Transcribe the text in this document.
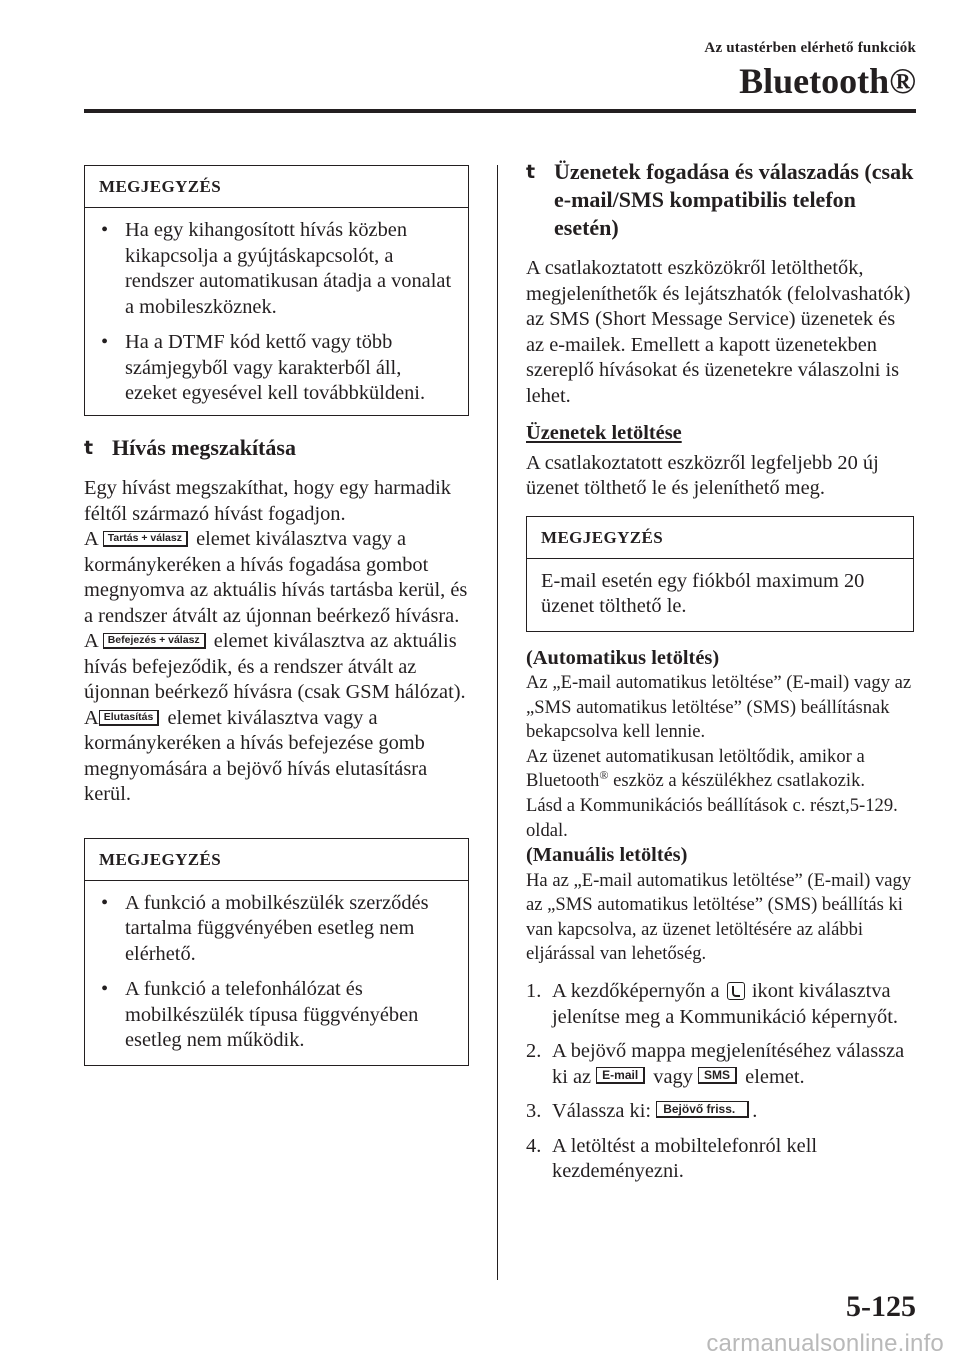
Az utastérben elérhető funkciók
Bluetooth®
MEGJEGYZÉS

• Ha egy kihangosított hívás közben kikapcsolja a gyújtáskapcsolót, a rendszer automatikusan átadja a vonalat a mobileszköznek.

• Ha a DTMF kód kettő vagy több számjegyből vagy karakterből áll, ezeket egyesével kell továbbküldeni.

t Hívás megszakítása

Egy hívást megszakíthat, hogy egy harmadik féltől származó hívást fogadjon.

A Tartás + válasz elemet kiválasztva vagy a kormánykeréken a hívás fogadása gombot megnyomva az aktuális hívás tartásba kerül, és a rendszer átvált az újonnan beérkező hívásra.

A Befejezés + válasz elemet kiválasztva az aktuális hívás befejeződik, és a rendszer átvált az újonnan beérkező hívásra (csak GSM hálózat).

A Elutasítás elemet kiválasztva vagy a kormánykeréken a hívás befejezése gomb megnyomására a bejövő hívás elutasításra kerül.

MEGJEGYZÉS

• A funkció a mobilkészülék szerződés tartalma függvényében esetleg nem elérhető.

• A funkció a telefonhálózat és mobilkészülék típusa függvényében esetleg nem működik.

t Üzenetek fogadása és válaszadás (csak e-mail/SMS kompatibilis telefon esetén)

A csatlakoztatott eszközökről letölthetők, megjeleníthetők és lejátszhatók (felolvashatók) az SMS (Short Message Service) üzenetek és az e-mailek. Emellett a kapott üzenetekben szereplő hívásokat és üzenetekre válaszolni is lehet.

Üzenetek letöltése

A csatlakoztatott eszközről legfeljebb 20 új üzenet tölthető le és jeleníthető meg.

MEGJEGYZÉS

E-mail esetén egy fiókból maximum 20 üzenet tölthető le.

(Automatikus letöltés)

Az „E-mail automatikus letöltése” (E-mail) vagy az „SMS automatikus letöltése” (SMS) beállításnak bekapcsolva kell lennie.

Az üzenet automatikusan letöltődik, amikor a Bluetooth® eszköz a készülékhez csatlakozik.

Lásd a Kommunikációs beállítások c. részt,5-129. oldal.

(Manuális letöltés)

Ha az „E-mail automatikus letöltése” (E-mail) vagy az „SMS automatikus letöltése” (SMS) beállítás ki van kapcsolva, az üzenet letöltésére az alábbi eljárással van lehetőség.

1. A kezdőképernyőn a ikont kiválasztva jelenítse meg a Kommunikáció képernyőt.

2. A bejövő mappa megjelenítéséhez válassza ki az E-mail vagy SMS elemet.

3. Válassza ki: Bejövő friss. .

4. A letöltést a mobiltelefonról kell kezdeményezni.

5-125
carmanualsonline.info
